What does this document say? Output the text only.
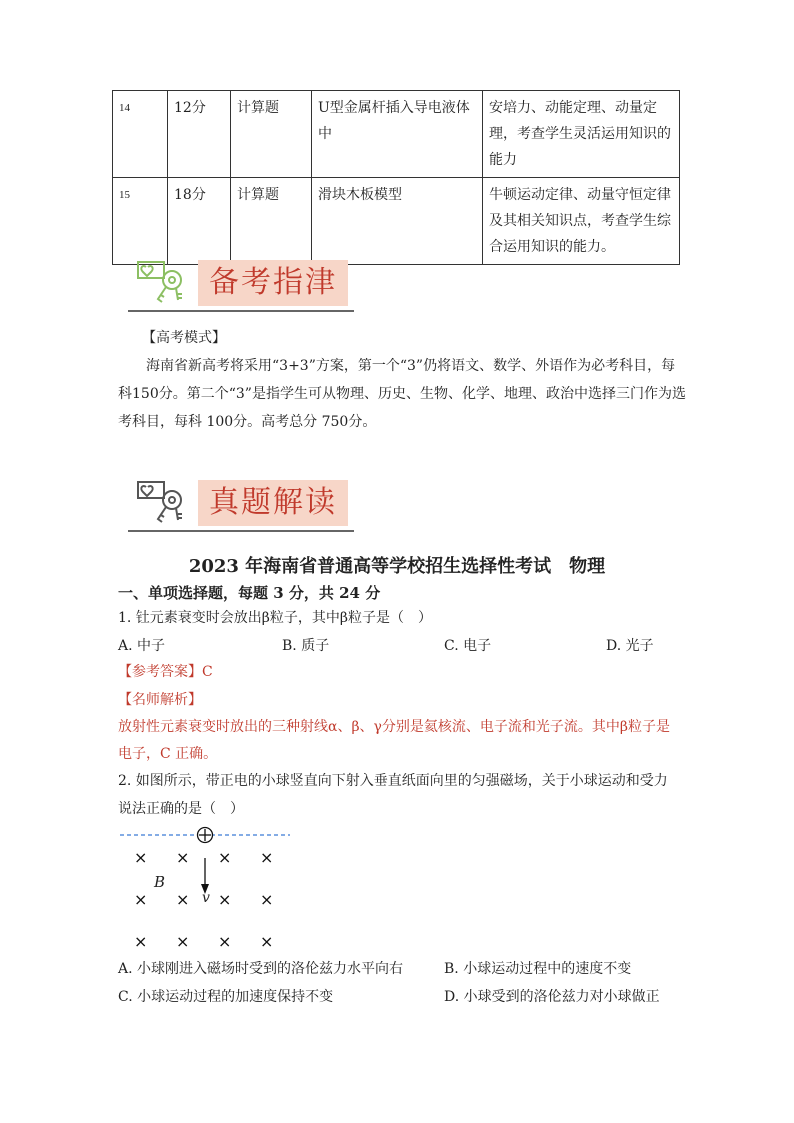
14	12分	计算题	U型金属杆插入导电液体中	安培力、动能定理、动量定理，考查学生灵活运用知识的能力
15	18分	计算题	滑块木板模型	牛顿运动定律、动量守恒定律及其相关知识点，考查学生综合运用知识的能力。
备考指津
【高考模式】
海南省新高考将采用“3+3”方案，第一个“3”仍将语文、数学、外语作为必考科目，每科150分。第二个“3”是指学生可从物理、历史、生物、化学、地理、政治中选择三门作为选考科目，每科 100分。高考总分 750分。
真题解读
2023 年海南省普通高等学校招生选择性考试　物理
一、单项选择题，每题 3 分，共 24 分
1. 钍元素衰变时会放出β粒子，其中β粒子是（　）
A. 中子	B. 质子	C. 电子	D. 光子
【参考答案】C
【名师解析】
放射性元素衰变时放出的三种射线α、β、γ分别是氦核流、电子流和光子流。其中β粒子是
电子，C 正确。
2. 如图所示，带正电的小球竖直向下射入垂直纸面向里的匀强磁场，关于小球运动和受力
说法正确的是（　）
× × × ×
× × × ×
× × × ×
B
v
A. 小球刚进入磁场时受到的洛伦兹力水平向右	B. 小球运动过程中的速度不变
C. 小球运动过程的加速度保持不变	D. 小球受到的洛伦兹力对小球做正
